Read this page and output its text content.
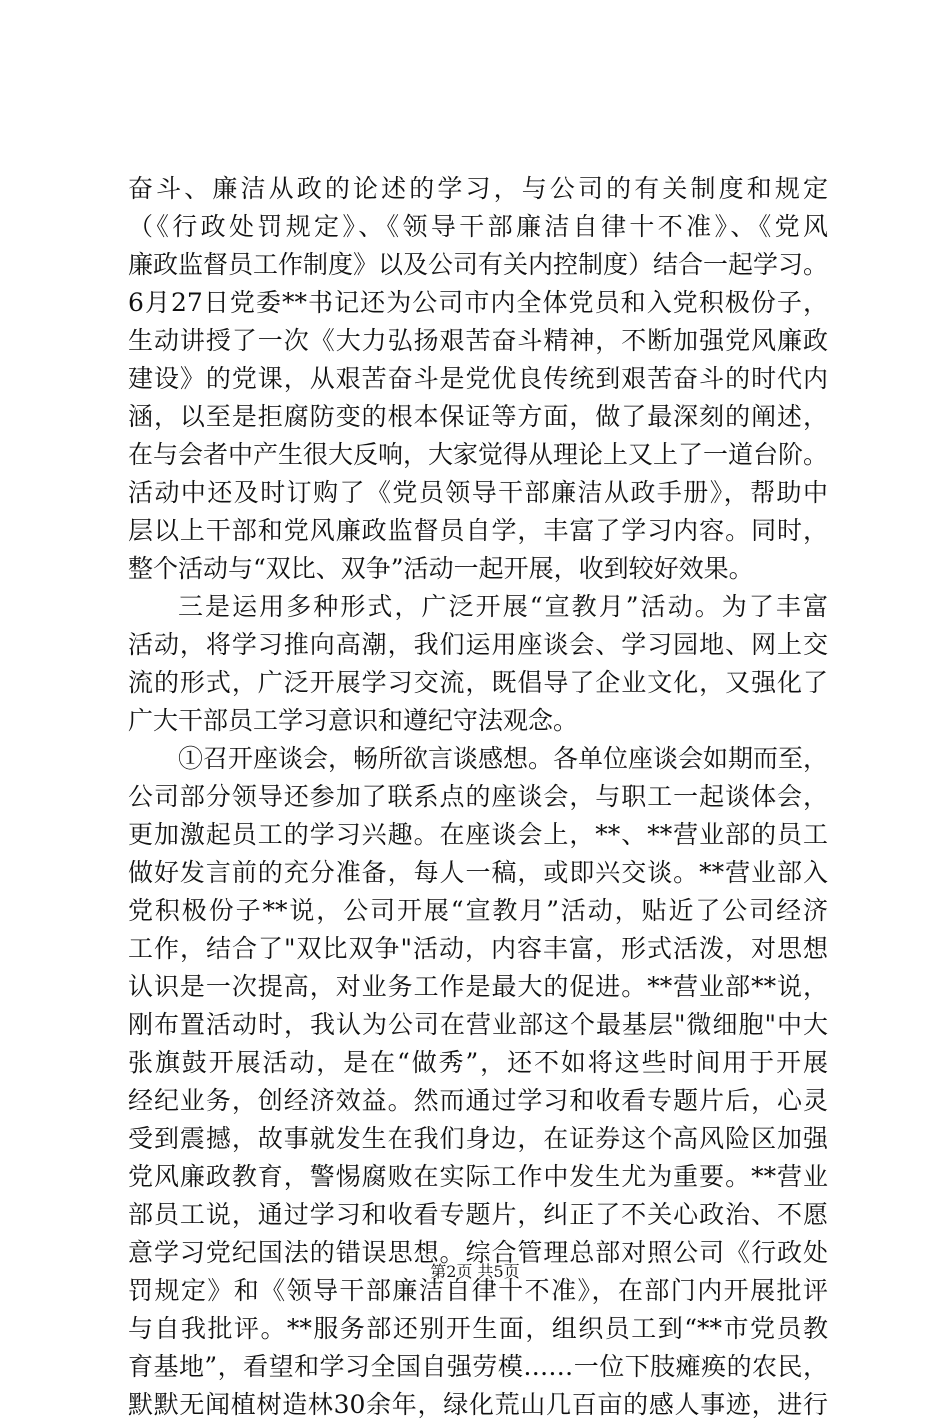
奋斗、廉洁从政的论述的学习，与公司的有关制度和规定
（《行政处罚规定》、《领导干部廉洁自律十不准》、《党风
廉政监督员工作制度》以及公司有关内控制度）结合一起学习。
6月27日党委**书记还为公司市内全体党员和入党积极份子，
生动讲授了一次《大力弘扬艰苦奋斗精神，不断加强党风廉政
建设》的党课，从艰苦奋斗是党优良传统到艰苦奋斗的时代内
涵，以至是拒腐防变的根本保证等方面，做了最深刻的阐述，
在与会者中产生很大反响，大家觉得从理论上又上了一道台阶。
活动中还及时订购了《党员领导干部廉洁从政手册》，帮助中
层以上干部和党风廉政监督员自学，丰富了学习内容。同时，
整个活动与“双比、双争”活动一起开展，收到较好效果。
三是运用多种形式，广泛开展“宣教月”活动。为了丰富
活动，将学习推向高潮，我们运用座谈会、学习园地、网上交
流的形式，广泛开展学习交流，既倡导了企业文化，又强化了
广大干部员工学习意识和遵纪守法观念。
①召开座谈会，畅所欲言谈感想。各单位座谈会如期而至，
公司部分领导还参加了联系点的座谈会，与职工一起谈体会，
更加激起员工的学习兴趣。在座谈会上，**、**营业部的员工
做好发言前的充分准备，每人一稿，或即兴交谈。**营业部入
党积极份子**说，公司开展“宣教月”活动，贴近了公司经济
工作，结合了"双比双争"活动，内容丰富，形式活泼，对思想
认识是一次提高，对业务工作是最大的促进。**营业部**说，
刚布置活动时，我认为公司在营业部这个最基层"微细胞"中大
张旗鼓开展活动，是在“做秀”，还不如将这些时间用于开展
经纪业务，创经济效益。然而通过学习和收看专题片后，心灵
受到震撼，故事就发生在我们身边，在证券这个高风险区加强
党风廉政教育，警惕腐败在实际工作中发生尤为重要。**营业
部员工说，通过学习和收看专题片，纠正了不关心政治、不愿
意学习党纪国法的错误思想。综合管理总部对照公司《行政处
罚规定》和《领导干部廉洁自律十不准》，在部门内开展批评
与自我批评。**服务部还别开生面，组织员工到“**市党员教
育基地”，看望和学习全国自强劳模……一位下肢瘫痪的农民，
默默无闻植树造林30余年，绿化荒山几百亩的感人事迹，进行
第2页 共5页
